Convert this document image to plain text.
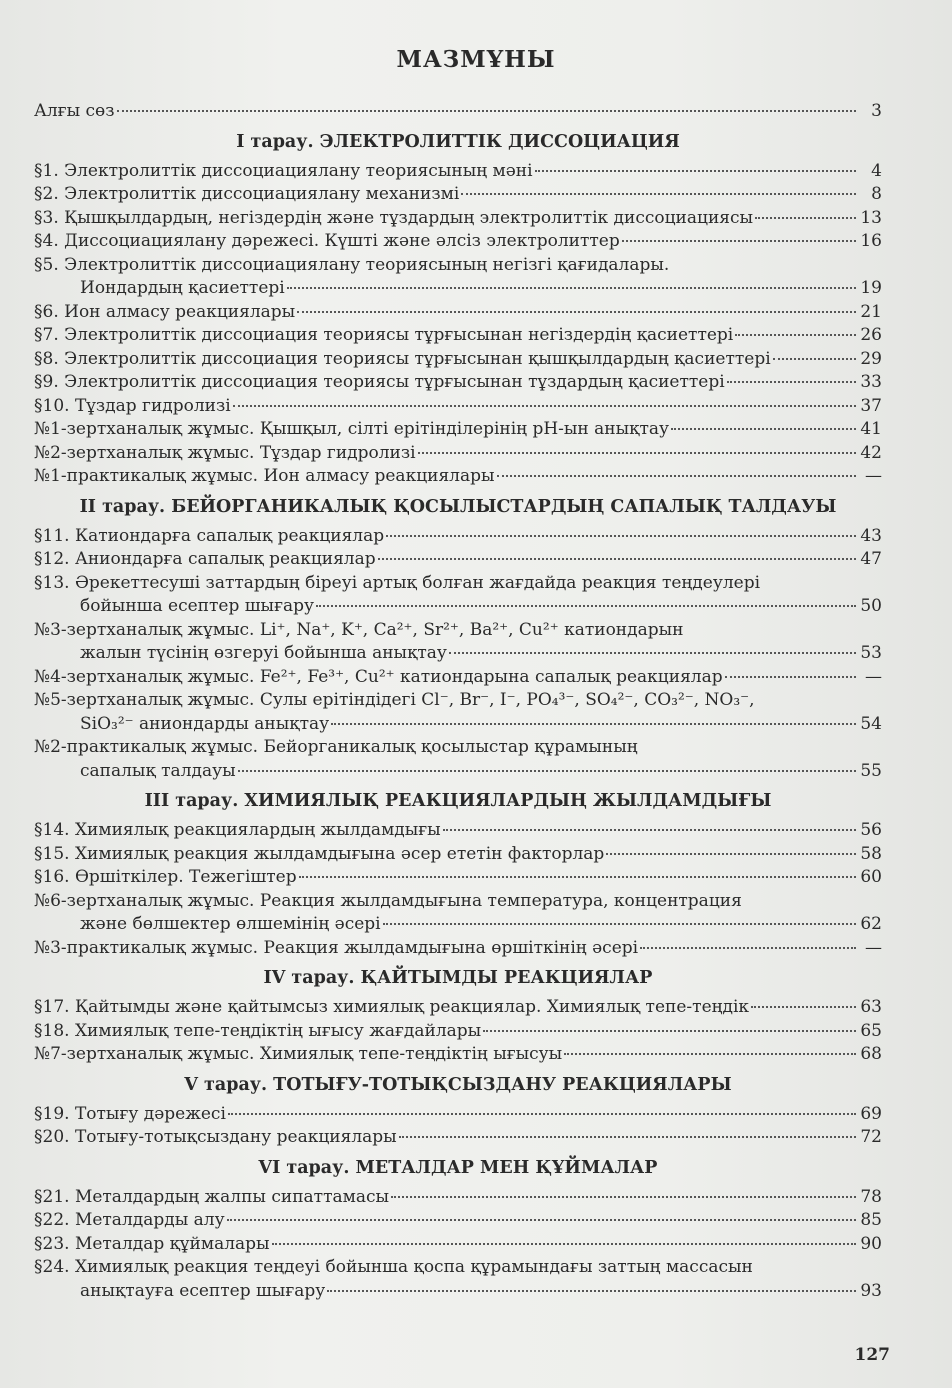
МАЗМҰНЫ
Алғы сөз	3
I тарау. ЭЛЕКТРОЛИТТІК ДИССОЦИАЦИЯ
§1. Электролиттік диссоциациялану теориясының мәні	4
§2. Электролиттік диссоциациялану механизмі	8
§3. Қышқылдардың, негіздердің және тұздардың электролиттік диссоциациясы	13
§4. Диссоциациялану дәрежесі. Күшті және әлсіз электролиттер	16
§5. Электролиттік диссоциациялану теориясының негізгі қағидалары.
Иондардың қасиеттері	19
§6. Ион алмасу реакциялары	21
§7. Электролиттік диссоциация теориясы тұрғысынан негіздердің қасиеттері	26
§8. Электролиттік диссоциация теориясы тұрғысынан қышқылдардың қасиеттері	29
§9. Электролиттік диссоциация теориясы тұрғысынан тұздардың қасиеттері	33
§10. Тұздар гидролизі	37
№1-зертханалық жұмыс. Қышқыл, сілті ерітінділерінің pH-ын анықтау	41
№2-зертханалық жұмыс. Тұздар гидролизі	42
№1-практикалық жұмыс. Ион алмасу реакциялары	—
II тарау. БЕЙОРГАНИКАЛЫҚ ҚОСЫЛЫСТАРДЫҢ САПАЛЫҚ ТАЛДАУЫ
§11. Катиондарға сапалық реакциялар	43
§12. Аниондарға сапалық реакциялар	47
§13. Әрекеттесуші заттардың біреуі артық болған жағдайда реакция теңдеулері
бойынша есептер шығару	50
№3-зертханалық жұмыс. Li⁺, Na⁺, K⁺, Ca²⁺, Sr²⁺, Ba²⁺, Cu²⁺ катиондарын
жалын түсінің өзгеруі бойынша анықтау	53
№4-зертханалық жұмыс. Fe²⁺, Fe³⁺, Cu²⁺ катиондарына сапалық реакциялар	—
№5-зертханалық жұмыс. Сулы ерітіндідегі Cl⁻, Br⁻, I⁻, PO₄³⁻, SO₄²⁻, CO₃²⁻, NO₃⁻,
SiO₃²⁻ аниондарды анықтау	54
№2-практикалық жұмыс. Бейорганикалық қосылыстар құрамының
сапалық талдауы	55
III тарау. ХИМИЯЛЫҚ РЕАКЦИЯЛАРДЫҢ ЖЫЛДАМДЫҒЫ
§14. Химиялық реакциялардың жылдамдығы	56
§15. Химиялық реакция жылдамдығына әсер ететін факторлар	58
§16. Өршіткілер. Тежегіштер	60
№6-зертханалық жұмыс. Реакция жылдамдығына температура, концентрация
және бөлшектер өлшемінің әсері	62
№3-практикалық жұмыс. Реакция жылдамдығына өршіткінің әсері	—
IV тарау. ҚАЙТЫМДЫ РЕАКЦИЯЛАР
§17. Қайтымды және қайтымсыз химиялық реакциялар. Химиялық тепе-теңдік	63
§18. Химиялық тепе-теңдіктің ығысу жағдайлары	65
№7-зертханалық жұмыс. Химиялық тепе-теңдіктің ығысуы	68
V тарау. ТОТЫҒУ-ТОТЫҚСЫЗДАНУ РЕАКЦИЯЛАРЫ
§19. Тотығу дәрежесі	69
§20. Тотығу-тотықсыздану реакциялары	72
VI тарау. МЕТАЛДАР МЕН ҚҰЙМАЛАР
§21. Металдардың жалпы сипаттамасы	78
§22. Металдарды алу	85
§23. Металдар құймалары	90
§24. Химиялық реакция теңдеуі бойынша қоспа құрамындағы заттың массасын
анықтауға есептер шығару	93
127
